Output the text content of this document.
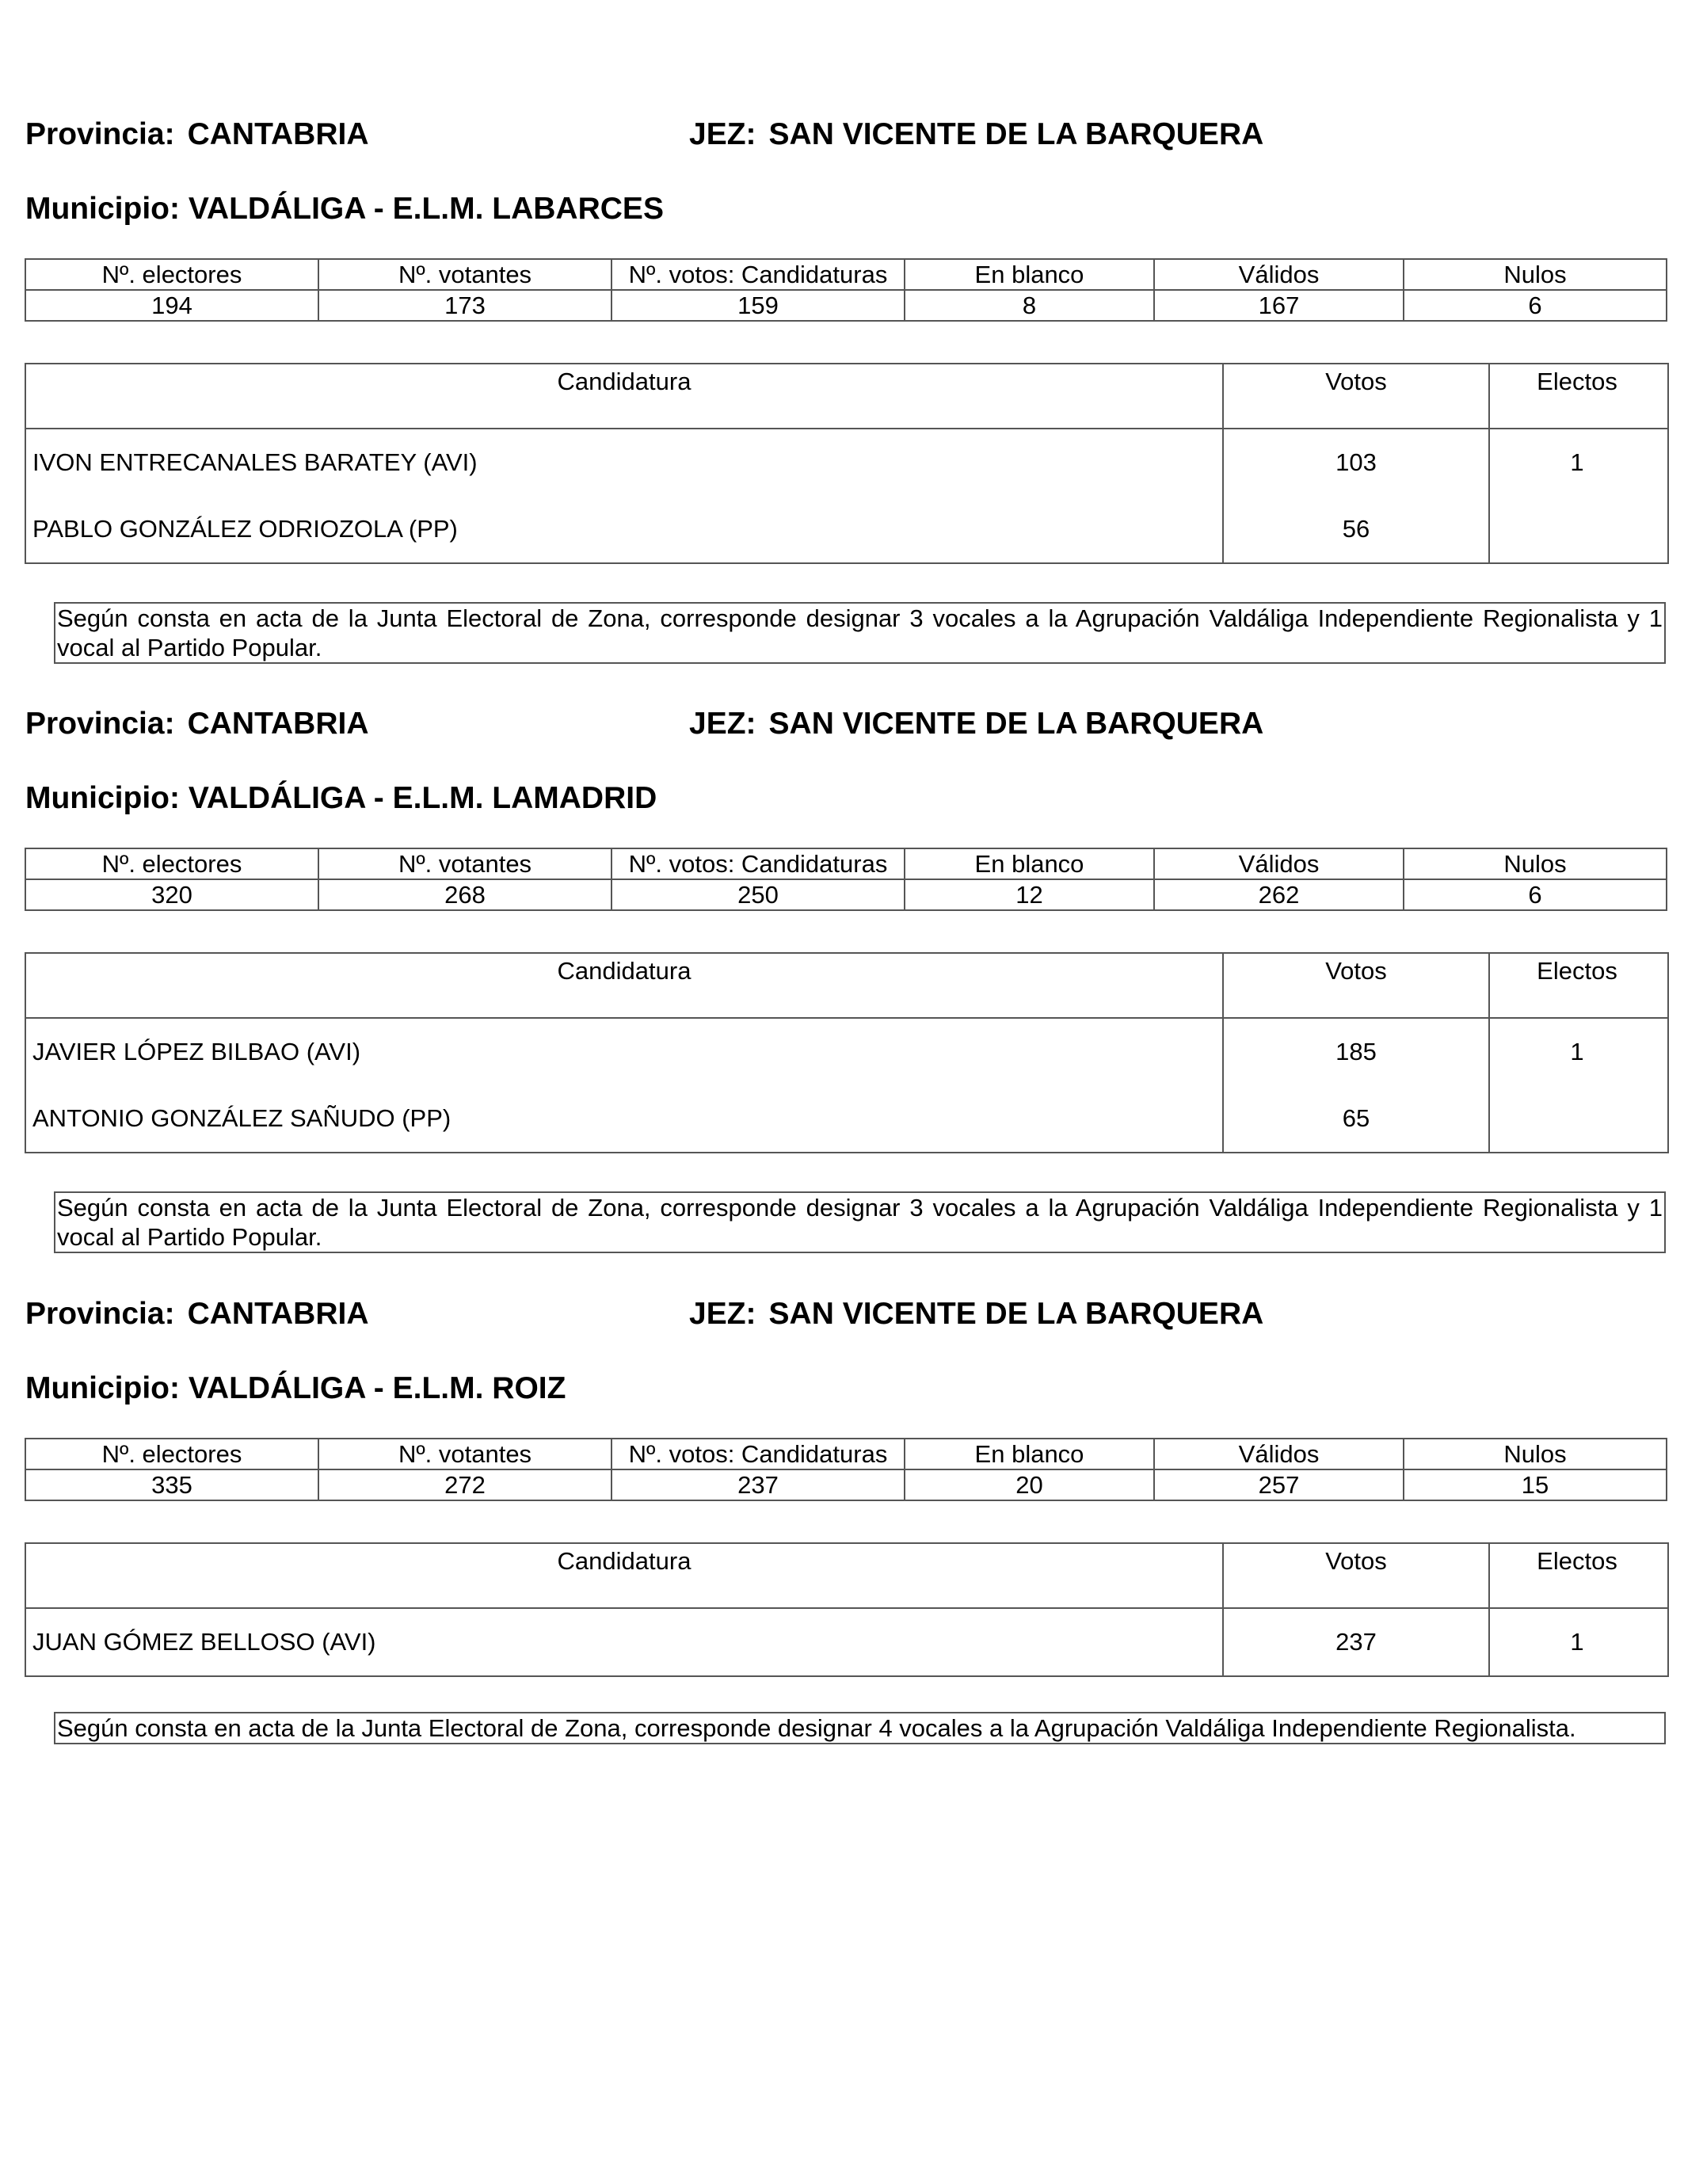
Provincia: CANTABRIA	JEZ: SAN VICENTE DE LA BARQUERA
Municipio: VALDÁLIGA - E.L.M. LABARCES
Nº. electores	Nº. votantes	Nº. votos: Candidaturas	En blanco	Válidos	Nulos
194	173	159	8	167	6
Candidatura	Votos	Electos
IVON ENTRECANALES BARATEY (AVI)	103	1
PABLO GONZÁLEZ ODRIOZOLA (PP)	56
Según consta en acta de la Junta Electoral de Zona, corresponde designar 3 vocales a la Agrupación Valdáliga Independiente Regionalista y 1 vocal al Partido Popular.
Provincia: CANTABRIA	JEZ: SAN VICENTE DE LA BARQUERA
Municipio: VALDÁLIGA - E.L.M. LAMADRID
Nº. electores	Nº. votantes	Nº. votos: Candidaturas	En blanco	Válidos	Nulos
320	268	250	12	262	6
Candidatura	Votos	Electos
JAVIER LÓPEZ BILBAO (AVI)	185	1
ANTONIO GONZÁLEZ SAÑUDO (PP)	65
Según consta en acta de la Junta Electoral de Zona, corresponde designar 3 vocales a la Agrupación Valdáliga Independiente Regionalista y 1 vocal al Partido Popular.
Provincia: CANTABRIA	JEZ: SAN VICENTE DE LA BARQUERA
Municipio: VALDÁLIGA - E.L.M. ROIZ
Nº. electores	Nº. votantes	Nº. votos: Candidaturas	En blanco	Válidos	Nulos
335	272	237	20	257	15
Candidatura	Votos	Electos
JUAN GÓMEZ BELLOSO (AVI)	237	1
Según consta en acta de la Junta Electoral de Zona, corresponde designar 4 vocales a la Agrupación Valdáliga Independiente Regionalista.
